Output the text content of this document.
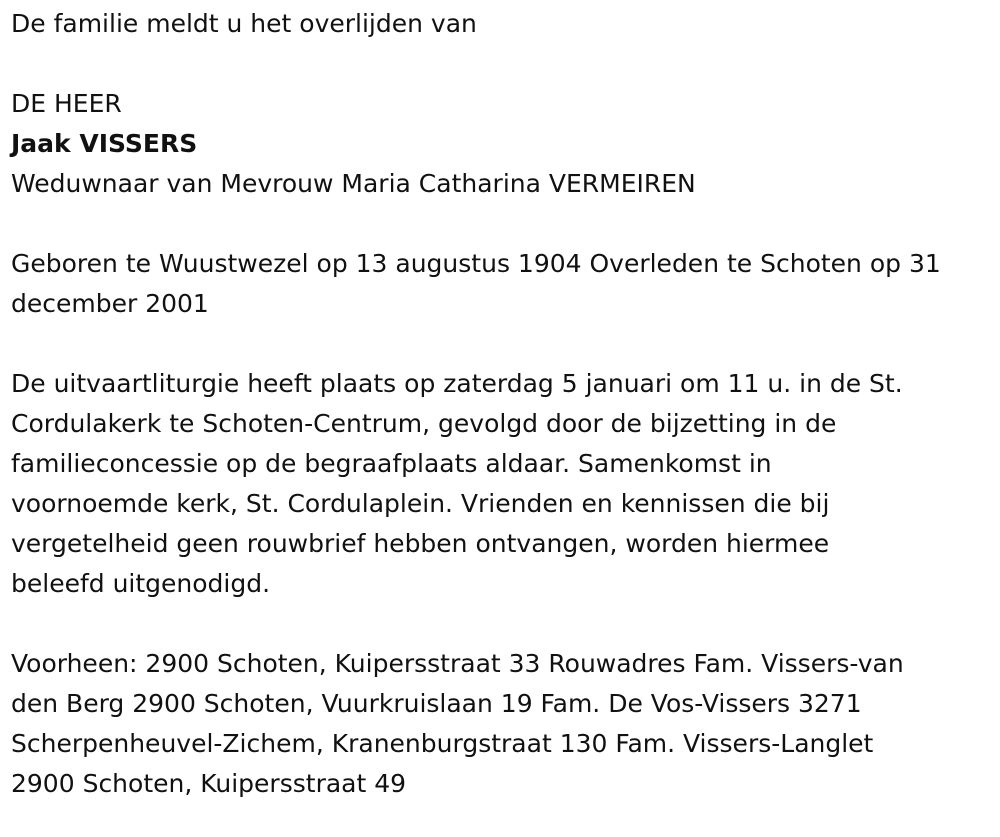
De familie meldt u het overlijden van

DE HEER

Jaak VISSERS

Weduwnaar van Mevrouw Maria Catharina VERMEIREN

Geboren te Wuustwezel op 13 augustus 1904 Overleden te Schoten op 31

december 2001

De uitvaartliturgie heeft plaats op zaterdag 5 januari om 11 u. in de St.

Cordulakerk te Schoten-Centrum, gevolgd door de bijzetting in de

familieconcessie op de begraafplaats aldaar. Samenkomst in

voornoemde kerk, St. Cordulaplein. Vrienden en kennissen die bij

vergetelheid geen rouwbrief hebben ontvangen, worden hiermee

beleefd uitgenodigd.

Voorheen: 2900 Schoten, Kuipersstraat 33 Rouwadres Fam. Vissers-van

den Berg 2900 Schoten, Vuurkruislaan 19 Fam. De Vos-Vissers 3271

Scherpenheuvel-Zichem, Kranenburgstraat 130 Fam. Vissers-Langlet

2900 Schoten, Kuipersstraat 49
